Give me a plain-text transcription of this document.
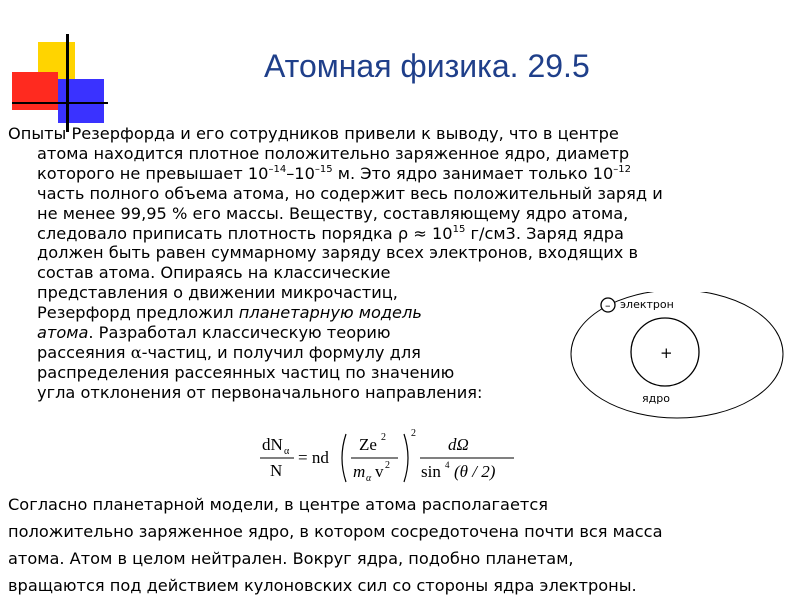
Атомная физика. 29.5

Опыты Резерфорда и его сотрудников привели к выводу, что в центре
атома находится плотное положительно заряженное ядро, диаметр
которого не превышает $10^{-14}-10^{-15}$ м. Это ядро занимает только $10^{-12}$
часть полного объема атома, но содержит весь положительный заряд и
не менее 99,95 % его массы. Веществу, составляющему ядро атома,
следовало приписать плотность порядка $\rho \approx 10^{15}$ г/см3. Заряд ядра
должен быть равен суммарному заряду всех электронов, входящих в
состав атома. Опираясь на классические
представления о движении микрочастиц,
Резерфорд предложил планетарную модель
атома. Разработал классическую теорию
рассеяния α-частиц, и получил формулу для
распределения рассеянных частиц по значению
угла отклонения от первоначального направления:

dN α
N
= nd
Ze 2
m α v 2
2
dΩ
sin 4 (θ / 2)
+
– электрон
ядро

Согласно планетарной модели, в центре атома располагается
положительно заряженное ядро, в котором сосредоточена почти вся масса
атома. Атом в целом нейтрален. Вокруг ядра, подобно планетам,
вращаются под действием кулоновских сил со стороны ядра электроны.
